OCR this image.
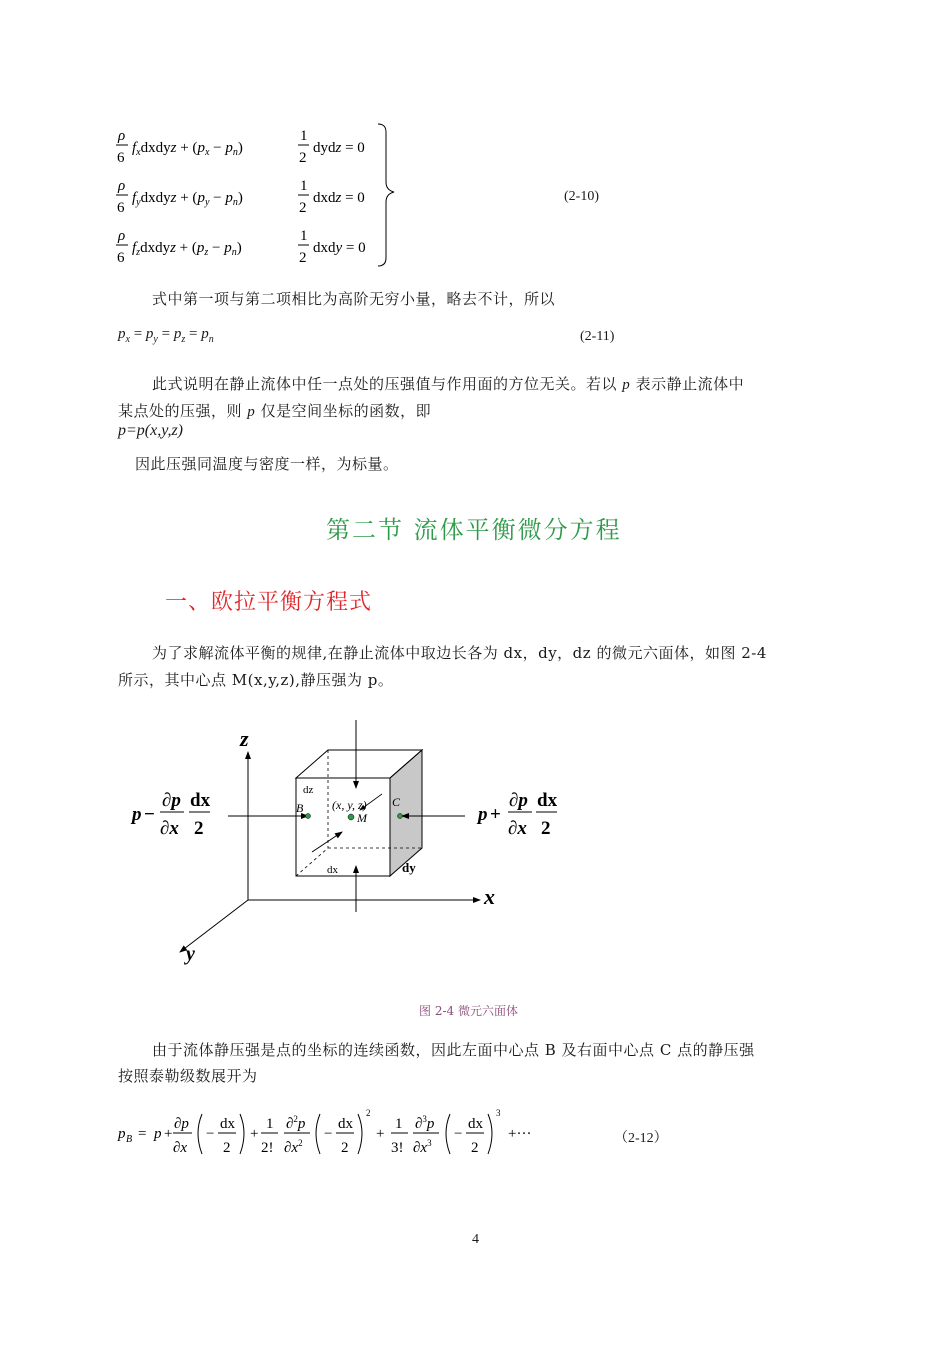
ρ
6
$f_xdxdyz + (p_x - p_n)$
1
2
dydz = 0
ρ
6
$f_ydxdyz + (p_y - p_n)$
1
2
dxdz = 0
ρ
6
$f_zdxdyz + (p_z - p_n)$
1
2
dxdy = 0
(2-10)
式中第一项与第二项相比为高阶无穷小量，略去不计，所以
$p_x = p_y = p_z = p_n$	(2-11)
此式说明在静止流体中任一点处的压强值与作用面的方位无关。若以 p 表示静止流体中
某点处的压强，则 p 仅是空间坐标的函数，即
p=p(x,y,z)
因此压强同温度与密度一样，为标量。
第二节 流体平衡微分方程
一、欧拉平衡方程式
为了求解流体平衡的规律,在静止流体中取边长各为 dx，dy，dz 的微元六面体，如图 2-4
所示，其中心点 M(x,y,z),静压强为 p。
z
x
y
dz
B (x, y, z)
M
C
dx	dy
p −
∂p
∂x
dx
2
p +
∂p
∂x
dx
2
图 2-4 微元六面体
由于流体静压强是点的坐标的连续函数，因此左面中心点 B 及右面中心点 C 点的静压强
按照泰勒级数展开为
p B = p +
∂p
∂x
−
dx
2
+
1
2!
∂$^2$p
$\partial x^2$
−
dx
2
2
+
1
3!
∂$^3$p
$\partial x^3$
−
dx
2
3
+···	（2-12）
4
